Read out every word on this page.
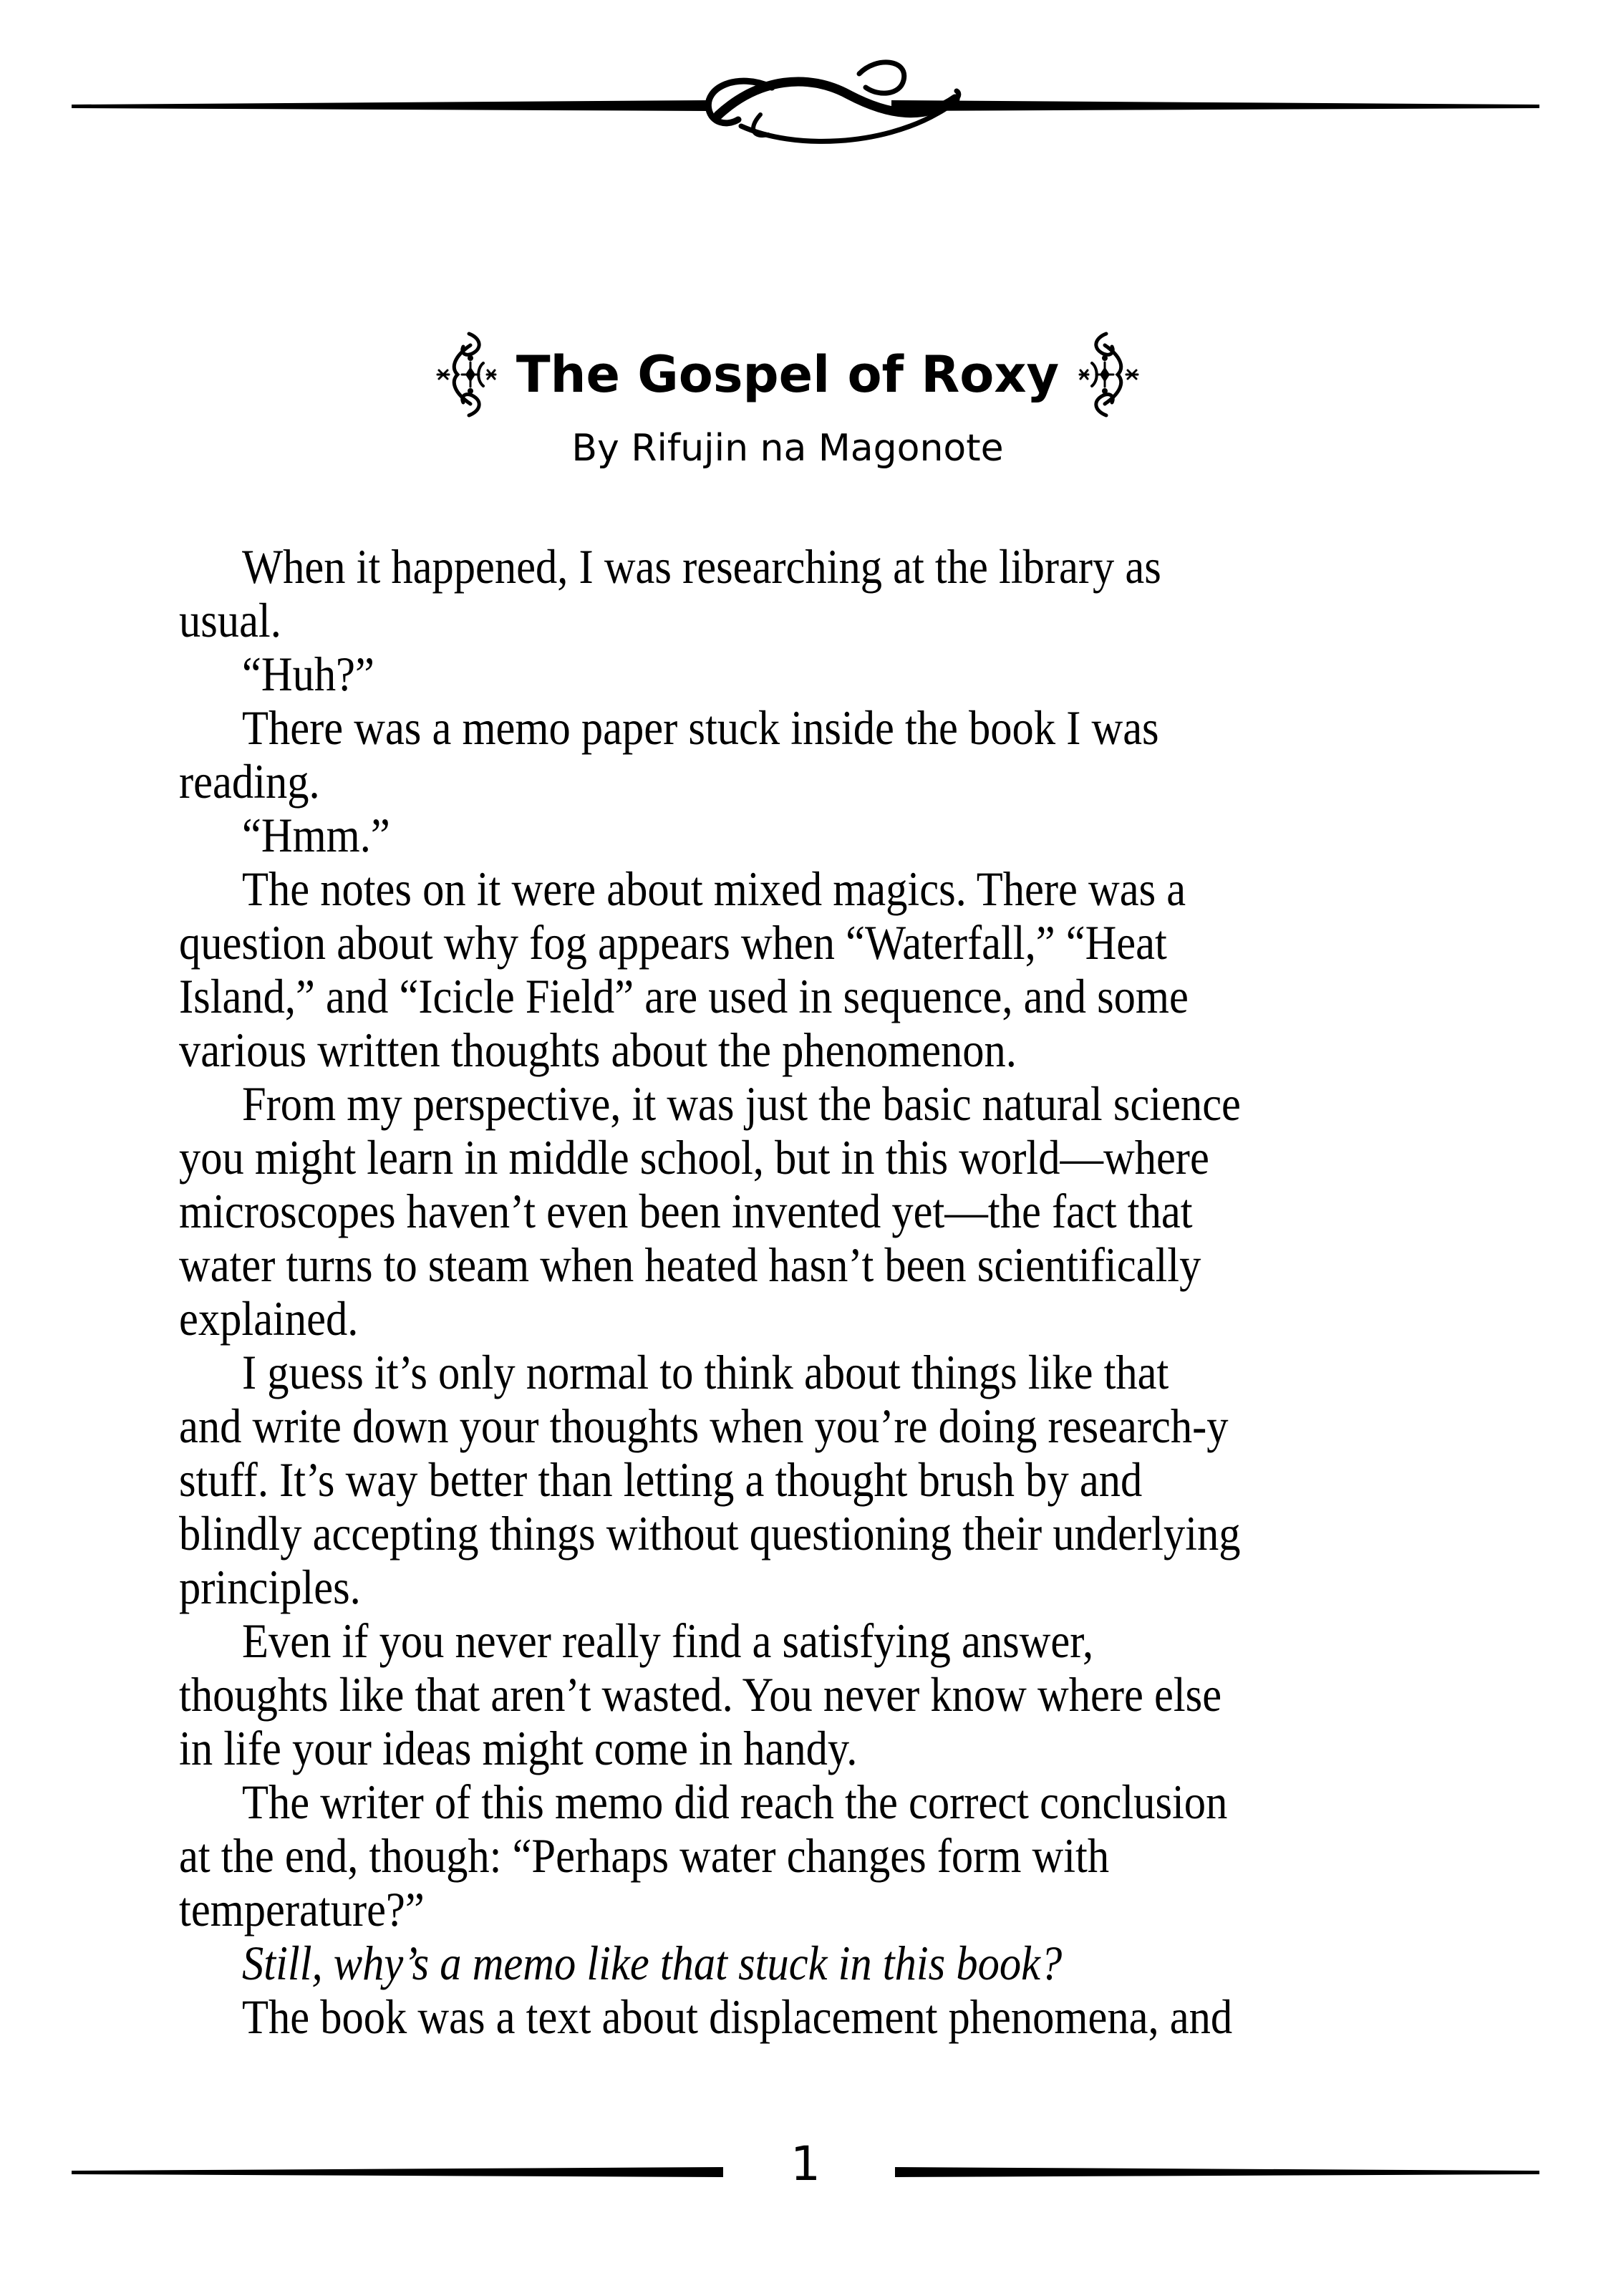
The Gospel of Roxy
By Rifujin na Magonote
When it happened, I was researching at the library as
usual.
“Huh?”
There was a memo paper stuck inside the book I was
reading.
“Hmm.”
The notes on it were about mixed magics. There was a
question about why fog appears when “Waterfall,” “Heat
Island,” and “Icicle Field” are used in sequence, and some
various written thoughts about the phenomenon.
From my perspective, it was just the basic natural science
you might learn in middle school, but in this world—where
microscopes haven’t even been invented yet—the fact that
water turns to steam when heated hasn’t been scientifically
explained.
I guess it’s only normal to think about things like that
and write down your thoughts when you’re doing research-y
stuff. It’s way better than letting a thought brush by and
blindly accepting things without questioning their underlying
principles.
Even if you never really find a satisfying answer,
thoughts like that aren’t wasted. You never know where else
in life your ideas might come in handy.
The writer of this memo did reach the correct conclusion
at the end, though: “Perhaps water changes form with
temperature?”
Still, why’s a memo like that stuck in this book?
The book was a text about displacement phenomena, and
1
